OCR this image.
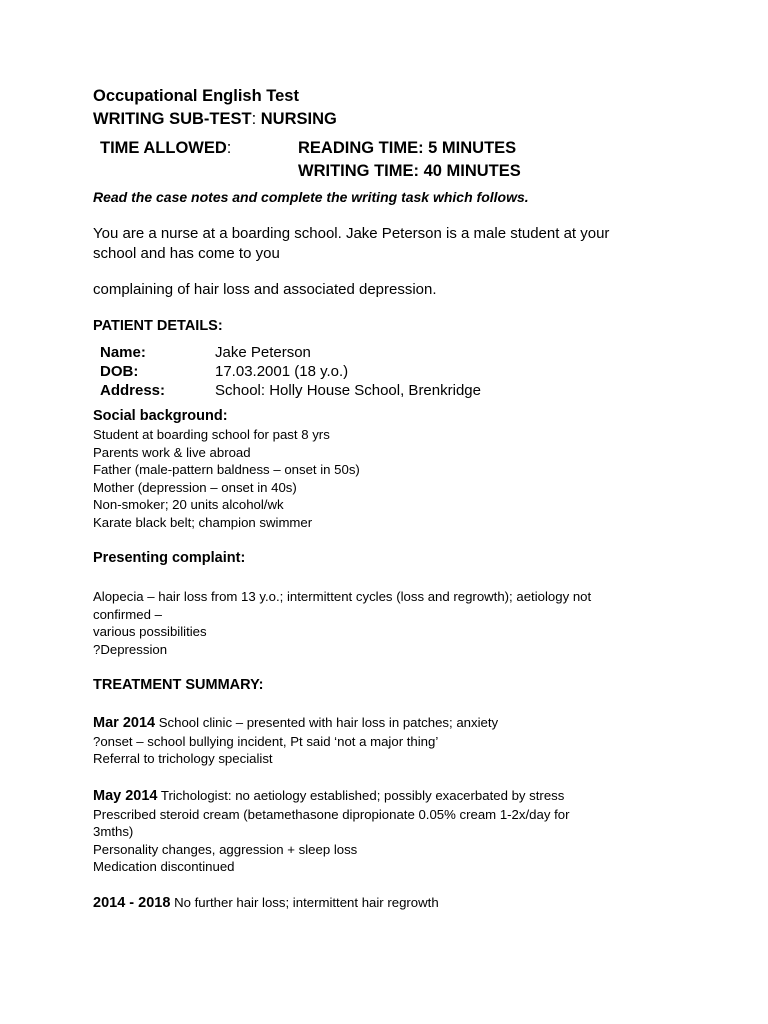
Occupational English Test
WRITING SUB-TEST: NURSING
TIME ALLOWED:	READING TIME: 5 MINUTES
WRITING TIME: 40 MINUTES
Read the case notes and complete the writing task which follows.
You are a nurse at a boarding school. Jake Peterson is a male student at your
school and has come to you
complaining of hair loss and associated depression.
PATIENT DETAILS:
Name:	Jake Peterson
DOB:	17.03.2001 (18 y.o.)
Address:	School: Holly House School, Brenkridge
Social background:
Student at boarding school for past 8 yrs
Parents work & live abroad
Father (male-pattern baldness – onset in 50s)
Mother (depression – onset in 40s)
Non-smoker; 20 units alcohol/wk
Karate black belt; champion swimmer
Presenting complaint:
Alopecia – hair loss from 13 y.o.; intermittent cycles (loss and regrowth); aetiology not
confirmed –
various possibilities
?Depression
TREATMENT SUMMARY:
Mar 2014 School clinic – presented with hair loss in patches; anxiety
?onset – school bullying incident, Pt said ‘not a major thing’
Referral to trichology specialist
May 2014 Trichologist: no aetiology established; possibly exacerbated by stress
Prescribed steroid cream (betamethasone dipropionate 0.05% cream 1-2x/day for
3mths)
Personality changes, aggression + sleep loss
Medication discontinued
2014 - 2018 No further hair loss; intermittent hair regrowth
